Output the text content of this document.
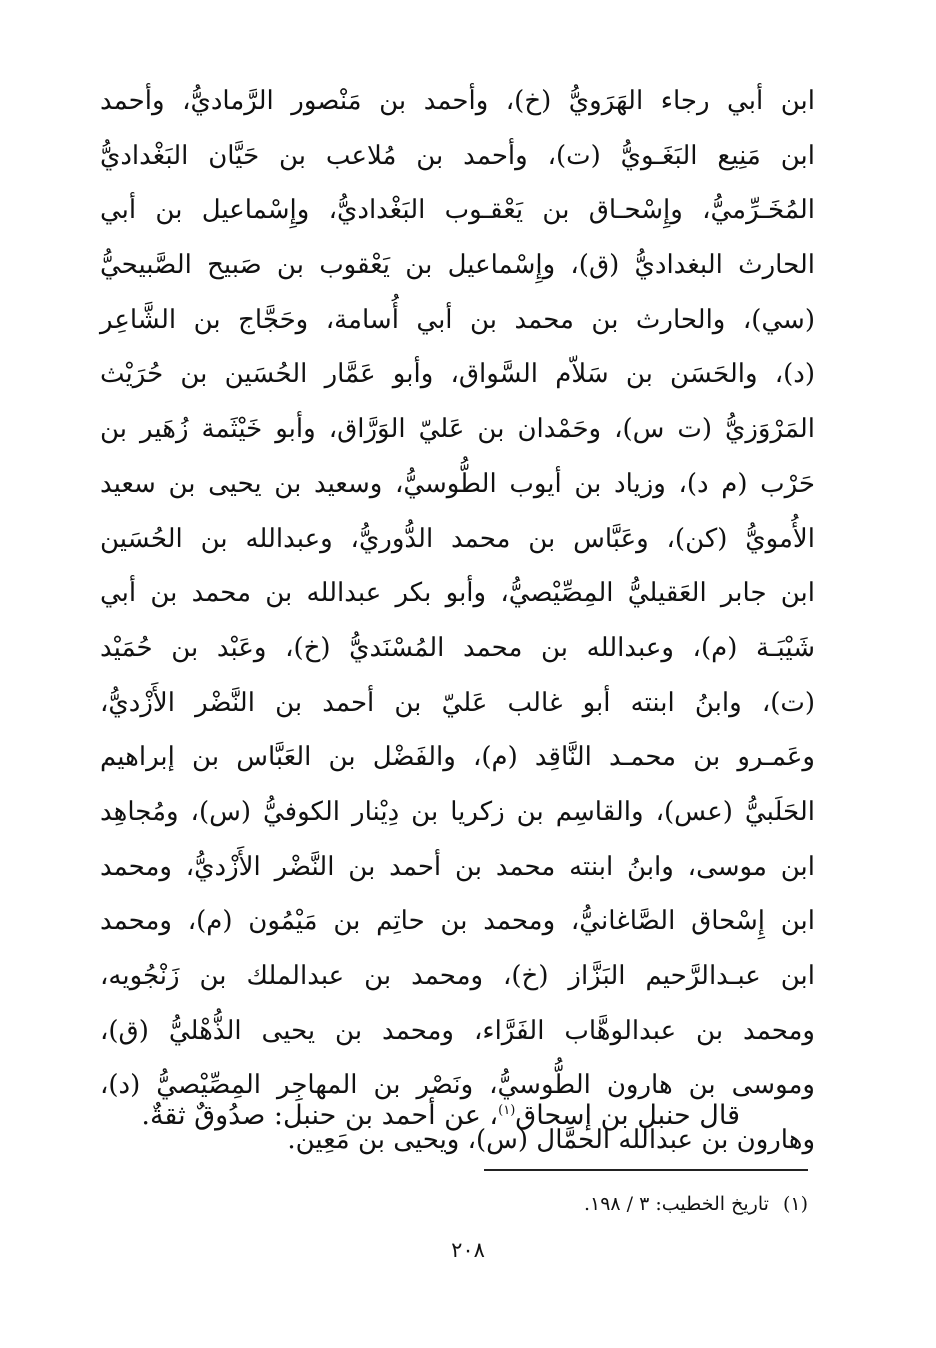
ابن أبي رجاء الهَرَويُّ (خ)، وأحمد بن مَنْصور الرَّماديُّ، وأحمد
ابن مَنِيع البَغَـويُّ (ت)، وأحمد بن مُلاعب بن حَيَّان البَغْداديُّ
المُخَـرِّميُّ، وإِسْحـاق بن يَعْقـوب البَغْداديُّ، وإِسْماعيل بن أبي
الحارث البغداديُّ (ق)، وإِسْماعيل بن يَعْقوب بن صَبيح الصَّبيحيُّ
(سي)، والحارث بن محمد بن أبي أُسامة، وحَجَّاج بن الشَّاعِر
(د)، والحَسَن بن سَلاّم السَّواق، وأبو عَمَّار الحُسَين بن حُرَيْث
المَرْوَزيُّ (ت س)، وحَمْدان بن عَليّ الوَرَّاق، وأبو خَيْثَمة زُهَير بن
حَرْب (م د)، وزياد بن أيوب الطُّوسيُّ، وسعيد بن يحيى بن سعيد
الأُمويُّ (كن)، وعَبَّاس بن محمد الدُّوريُّ، وعبدالله بن الحُسَين
ابن جابر العَقيليُّ المِصِّيْصيُّ، وأبو بكر عبدالله بن محمد بن أبي
شَيْبَـة (م)، وعبدالله بن محمد المُسْنَديُّ (خ)، وعَبْد بن حُمَيْد
(ت)، وابنُ ابنته أبو غالب عَليّ بن أحمد بن النَّضْر الأَزْديُّ،
وعَمـرو بن محمـد النَّاقِد (م)، والفَضْل بن العَبَّاس بن إبراهيم
الحَلَبيُّ (عس)، والقاسِم بن زكريا بن دِيْنار الكوفيُّ (س)، ومُجاهِد
ابن موسى، وابنُ ابنته محمد بن أحمد بن النَّضْر الأَزْديُّ، ومحمد
ابن إِسْحاق الصَّاغانيُّ، ومحمد بن حاتِم بن مَيْمُون (م)، ومحمد
ابن عبـدالرَّحيم البَزَّاز (خ)، ومحمد بن عبدالملك بن زَنْجُويه،
ومحمد بن عبدالوهَّاب الفَرَّاء، ومحمد بن يحيى الذُّهْليُّ (ق)،
وموسى بن هارون الطُّوسيُّ، ونَصْر بن المهاجِر المِصِّيْصيُّ (د)،
وهارون بن عبدالله الحمَّال (س)، ويحيى بن مَعِين.
قال حنبل بن إسحاق$^{(١)}$، عن أحمد بن حنبل: صدُوقٌ ثقةٌ.
(١)تاريخ الخطيب: ٣ / ١٩٨.
٢٠٨
